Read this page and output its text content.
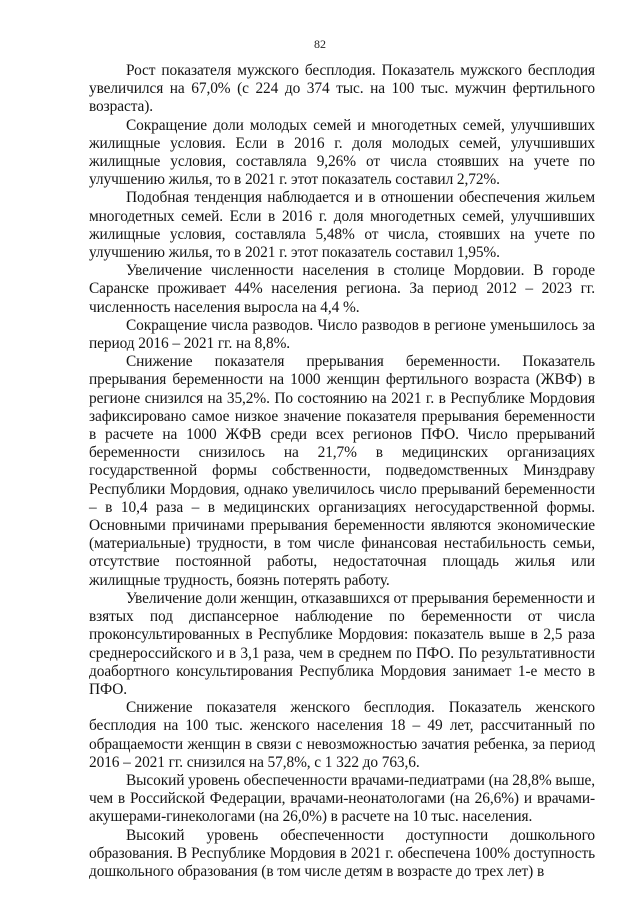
82

Рост показателя мужского бесплодия. Показатель мужского бесплодия увеличился на 67,0% (с 224 до 374 тыс. на 100 тыс. мужчин фертильного возраста).

Сокращение доли молодых семей и многодетных семей, улучшивших жилищные условия. Если в 2016 г. доля молодых семей, улучшивших жилищные условия, составляла 9,26% от числа стоявших на учете по улучшению жилья, то в 2021 г. этот показатель составил 2,72%.

Подобная тенденция наблюдается и в отношении обеспечения жильем многодетных семей. Если в 2016 г. доля многодетных семей, улучшивших жилищные условия, составляла 5,48% от числа, стоявших на учете по улучшению жилья, то в 2021 г. этот показатель составил 1,95%.

Увеличение численности населения в столице Мордовии. В городе Саранске проживает 44% населения региона. За период 2012 – 2023 гг. численность населения выросла на 4,4 %.

Сокращение числа разводов. Число разводов в регионе уменьшилось за период 2016 – 2021 гг. на 8,8%.

Снижение показателя прерывания беременности. Показатель прерывания беременности на 1000 женщин фертильного возраста (ЖВФ) в регионе снизился на 35,2%. По состоянию на 2021 г. в Республике Мордовия зафиксировано самое низкое значение показателя прерывания беременности в расчете на 1000 ЖФВ среди всех регионов ПФО. Число прерываний беременности снизилось на 21,7% в медицинских организациях государственной формы собственности, подведомственных Минздраву Республики Мордовия, однако увеличилось число прерываний беременности – в 10,4 раза – в медицинских организациях негосударственной формы. Основными причинами прерывания беременности являются экономические (материальные) трудности, в том числе финансовая нестабильность семьи, отсутствие постоянной работы, недостаточная площадь жилья или жилищные трудность, боязнь потерять работу.

Увеличение доли женщин, отказавшихся от прерывания беременности и взятых под диспансерное наблюдение по беременности от числа проконсультированных в Республике Мордовия: показатель выше в 2,5 раза среднероссийского и в 3,1 раза, чем в среднем по ПФО. По результативности доабортного консультирования Республика Мордовия занимает 1-е место в ПФО.

Снижение показателя женского бесплодия. Показатель женского бесплодия на 100 тыс. женского населения 18 – 49 лет, рассчитанный по обращаемости женщин в связи с невозможностью зачатия ребенка, за период 2016 – 2021 гг. снизился на 57,8%, с 1 322 до 763,6.

Высокий уровень обеспеченности врачами-педиатрами (на 28,8% выше, чем в Российской Федерации, врачами-неонатологами (на 26,6%) и врачами-акушерами-гинекологами (на 26,0%) в расчете на 10 тыс. населения.

Высокий уровень обеспеченности доступности дошкольного образования. В Республике Мордовия в 2021 г. обеспечена 100% доступность дошкольного образования (в том числе детям в возрасте до трех лет) в
